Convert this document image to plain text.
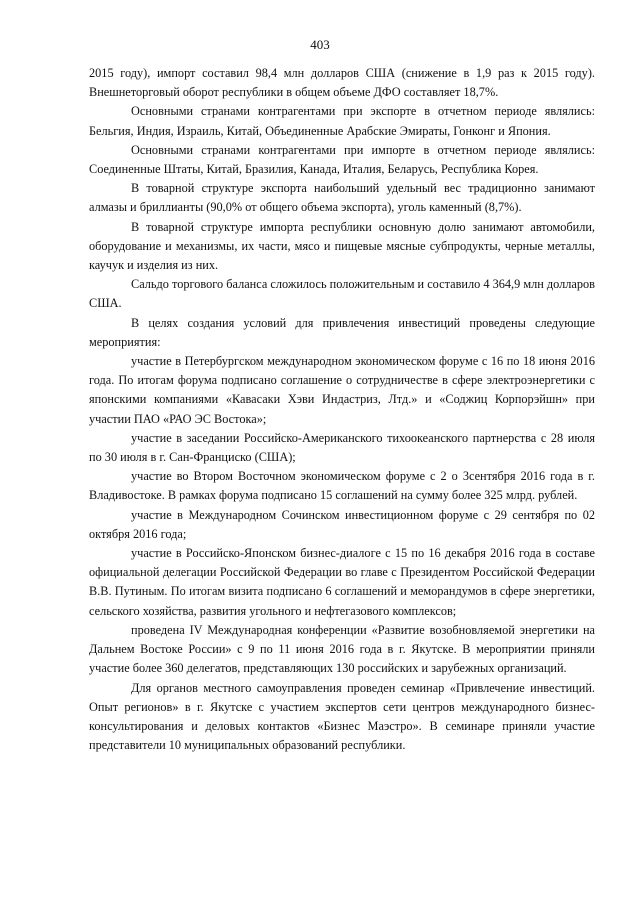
403

2015 году), импорт составил 98,4 млн долларов США (снижение в 1,9 раз к 2015 году). Внешнеторговый оборот республики в общем объеме ДФО составляет 18,7%.

Основными странами контрагентами при экспорте в отчетном периоде являлись: Бельгия, Индия, Израиль, Китай, Объединенные Арабские Эмираты, Гонконг и Япония.

Основными странами контрагентами при импорте в отчетном периоде являлись: Соединенные Штаты, Китай, Бразилия, Канада, Италия, Беларусь, Республика Корея.

В товарной структуре экспорта наибольший удельный вес традиционно занимают алмазы и бриллианты (90,0% от общего объема экспорта), уголь каменный (8,7%).

В товарной структуре импорта республики основную долю занимают автомобили, оборудование и механизмы, их части, мясо и пищевые мясные субпродукты, черные металлы, каучук и изделия из них.

Сальдо торгового баланса сложилось положительным и составило 4 364,9 млн долларов США.

В целях создания условий для привлечения инвестиций проведены следующие мероприятия:

участие в Петербургском международном экономическом форуме с 16 по 18 июня 2016 года. По итогам форума подписано соглашение о сотрудничестве в сфере электроэнергетики с японскими компаниями «Кавасаки Хэви Индастриз, Лтд.» и «Соджиц Корпорэйшн» при участии ПАО «РАО ЭС Востока»;

участие в заседании Российско-Американского тихоокеанского партнерства с 28 июля по 30 июля в г. Сан-Франциско (США);

участие во Втором Восточном экономическом форуме с 2 о 3сентября 2016 года в г. Владивостоке. В рамках форума подписано 15 соглашений на сумму более 325 млрд. рублей.

участие в Международном Сочинском инвестиционном форуме с 29 сентября по 02 октября 2016 года;

участие в Российско-Японском бизнес-диалоге с 15 по 16 декабря 2016 года в составе официальной делегации Российской Федерации во главе с Президентом Российской Федерации В.В. Путиным. По итогам визита подписано 6 соглашений и меморандумов в сфере энергетики, сельского хозяйства, развития угольного и нефтегазового комплексов;

проведена IV Международная конференции «Развитие возобновляемой энергетики на Дальнем Востоке России» с 9 по 11 июня 2016 года в г. Якутске. В мероприятии приняли участие более 360 делегатов, представляющих 130 российских и зарубежных организаций.

Для органов местного самоуправления проведен семинар «Привлечение инвестиций. Опыт регионов» в г. Якутске с участием экспертов сети центров международного бизнес-консультирования и деловых контактов «Бизнес Маэстро». В семинаре приняли участие представители 10 муниципальных образований республики.
